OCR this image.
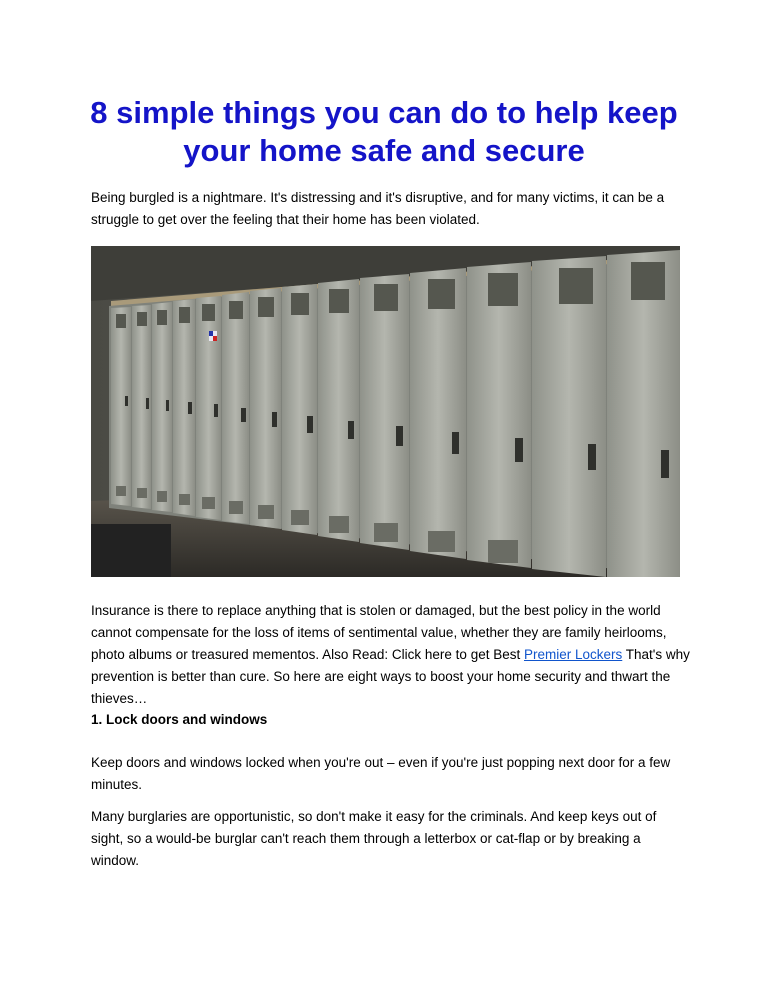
8 simple things you can do to help keep your home safe and secure

Being burgled is a nightmare. It's distressing and it's disruptive, and for many victims, it can be a struggle to get over the feeling that their home has been violated.

Insurance is there to replace anything that is stolen or damaged, but the best policy in the world cannot compensate for the loss of items of sentimental value, whether they are family heirlooms, photo albums or treasured mementos. Also Read: Click here to get Best Premier Lockers That's why prevention is better than cure. So here are eight ways to boost your home security and thwart the thieves…

1. Lock doors and windows

Keep doors and windows locked when you're out – even if you're just popping next door for a few minutes.

Many burglaries are opportunistic, so don't make it easy for the criminals. And keep keys out of sight, so a would-be burglar can't reach them through a letterbox or cat-flap or by breaking a window.
